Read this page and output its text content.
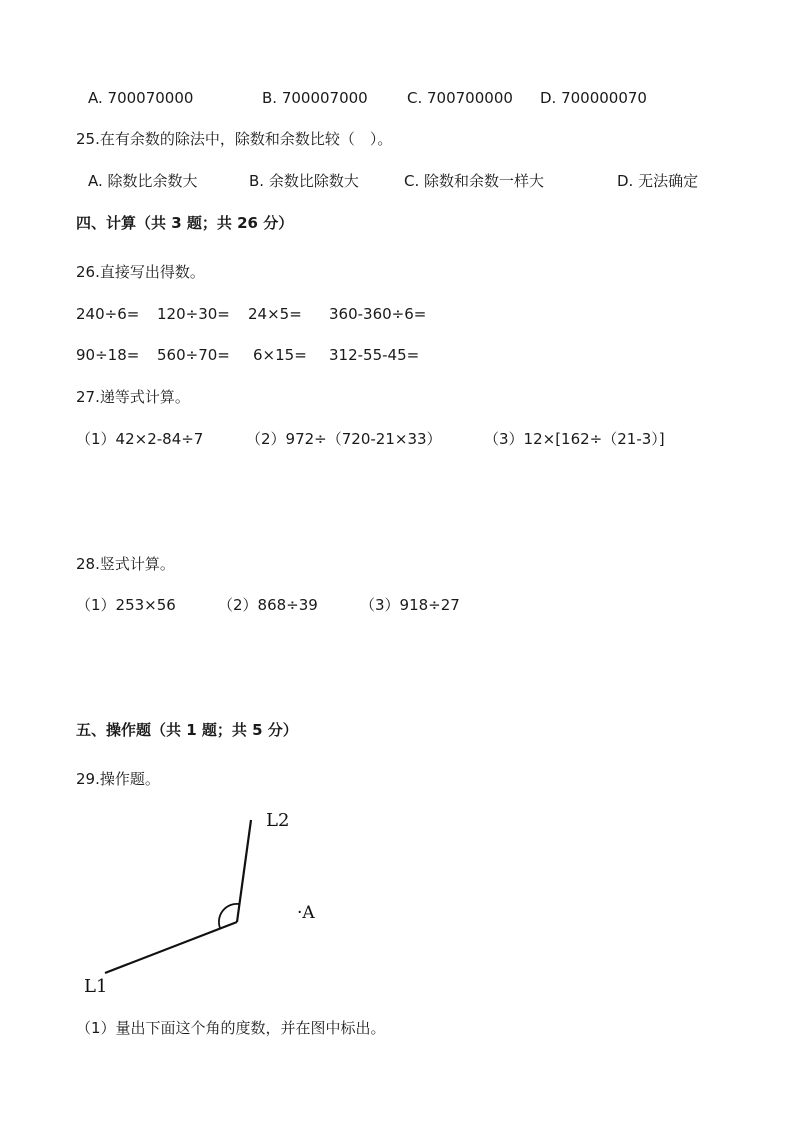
A. 700070000	B. 700007000	C. 700700000 D. 700000070
25.在有余数的除法中，除数和余数比较（　）。
A. 除数比余数大	B. 余数比除数大	C. 除数和余数一样大	D. 无法确定
四、计算（共 3 题；共 26 分）
26.直接写出得数。
240÷6= 120÷30= 24×5= 360-360÷6=
90÷18= 560÷70= 6×15= 312-55-45=
27.递等式计算。
（1）42×2-84÷7	（2）972÷（720-21×33）	（3）12×[162÷（21-3）]
28.竖式计算。
（1）253×56	（2）868÷39	（3）918÷27
五、操作题（共 1 题；共 5 分）
29.操作题。
L2
L1
·A
（1）量出下面这个角的度数，并在图中标出。
